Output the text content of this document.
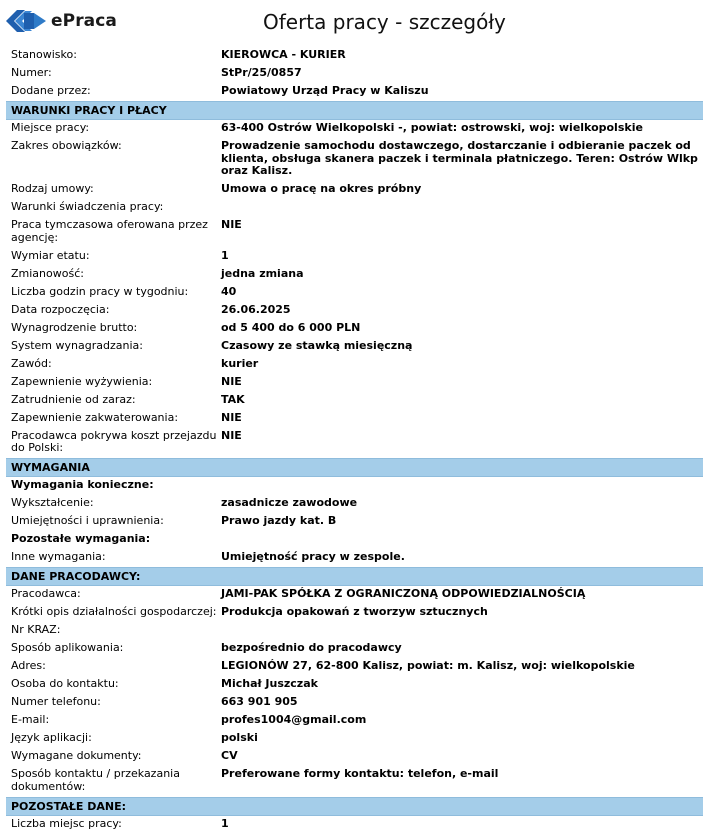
ePraca	Oferta pracy - szczegóły
Stanowisko:	KIEROWCA - KURIER
Numer:	StPr/25/0857
Dodane przez:	Powiatowy Urząd Pracy w Kaliszu
WARUNKI PRACY I PŁACY	
Miejsce pracy:	63-400 Ostrów Wielkopolski -, powiat: ostrowski, woj: wielkopolskie
Zakres obowiązków:	Prowadzenie samochodu dostawczego, dostarczanie i odbieranie paczek od klienta, obsługa skanera paczek i terminala płatniczego. Teren: Ostrów Wlkp oraz Kalisz.
Rodzaj umowy:	Umowa o pracę na okres próbny
Warunki świadczenia pracy:	
Praca tymczasowa oferowana przez agencję:	NIE
Wymiar etatu:	1
Zmianowość:	jedna zmiana
Liczba godzin pracy w tygodniu:	40
Data rozpoczęcia:	26.06.2025
Wynagrodzenie brutto:	od 5 400 do 6 000 PLN
System wynagradzania:	Czasowy ze stawką miesięczną
Zawód:	kurier
Zapewnienie wyżywienia:	NIE
Zatrudnienie od zaraz:	TAK
Zapewnienie zakwaterowania:	NIE
Pracodawca pokrywa koszt przejazdu do Polski:	NIE
WYMAGANIA	
Wymagania konieczne:	
Wykształcenie:	zasadnicze zawodowe
Umiejętności i uprawnienia:	Prawo jazdy kat. B
Pozostałe wymagania:	
Inne wymagania:	Umiejętność pracy w zespole.
DANE PRACODAWCY:	
Pracodawca:	JAMI-PAK SPÓŁKA Z OGRANICZONĄ ODPOWIEDZIALNOŚCIĄ
Krótki opis działalności gospodarczej:	Produkcja opakowań z tworzyw sztucznych
Nr KRAZ:	
Sposób aplikowania:	bezpośrednio do pracodawcy
Adres:	LEGIONÓW 27, 62-800 Kalisz, powiat: m. Kalisz, woj: wielkopolskie
Osoba do kontaktu:	Michał Juszczak
Numer telefonu:	663 901 905
E-mail:	profes1004@gmail.com
Język aplikacji:	polski
Wymagane dokumenty:	CV
Sposób kontaktu / przekazania dokumentów:	Preferowane formy kontaktu: telefon, e-mail
POZOSTAŁE DANE:	
Liczba miejsc pracy:	1
